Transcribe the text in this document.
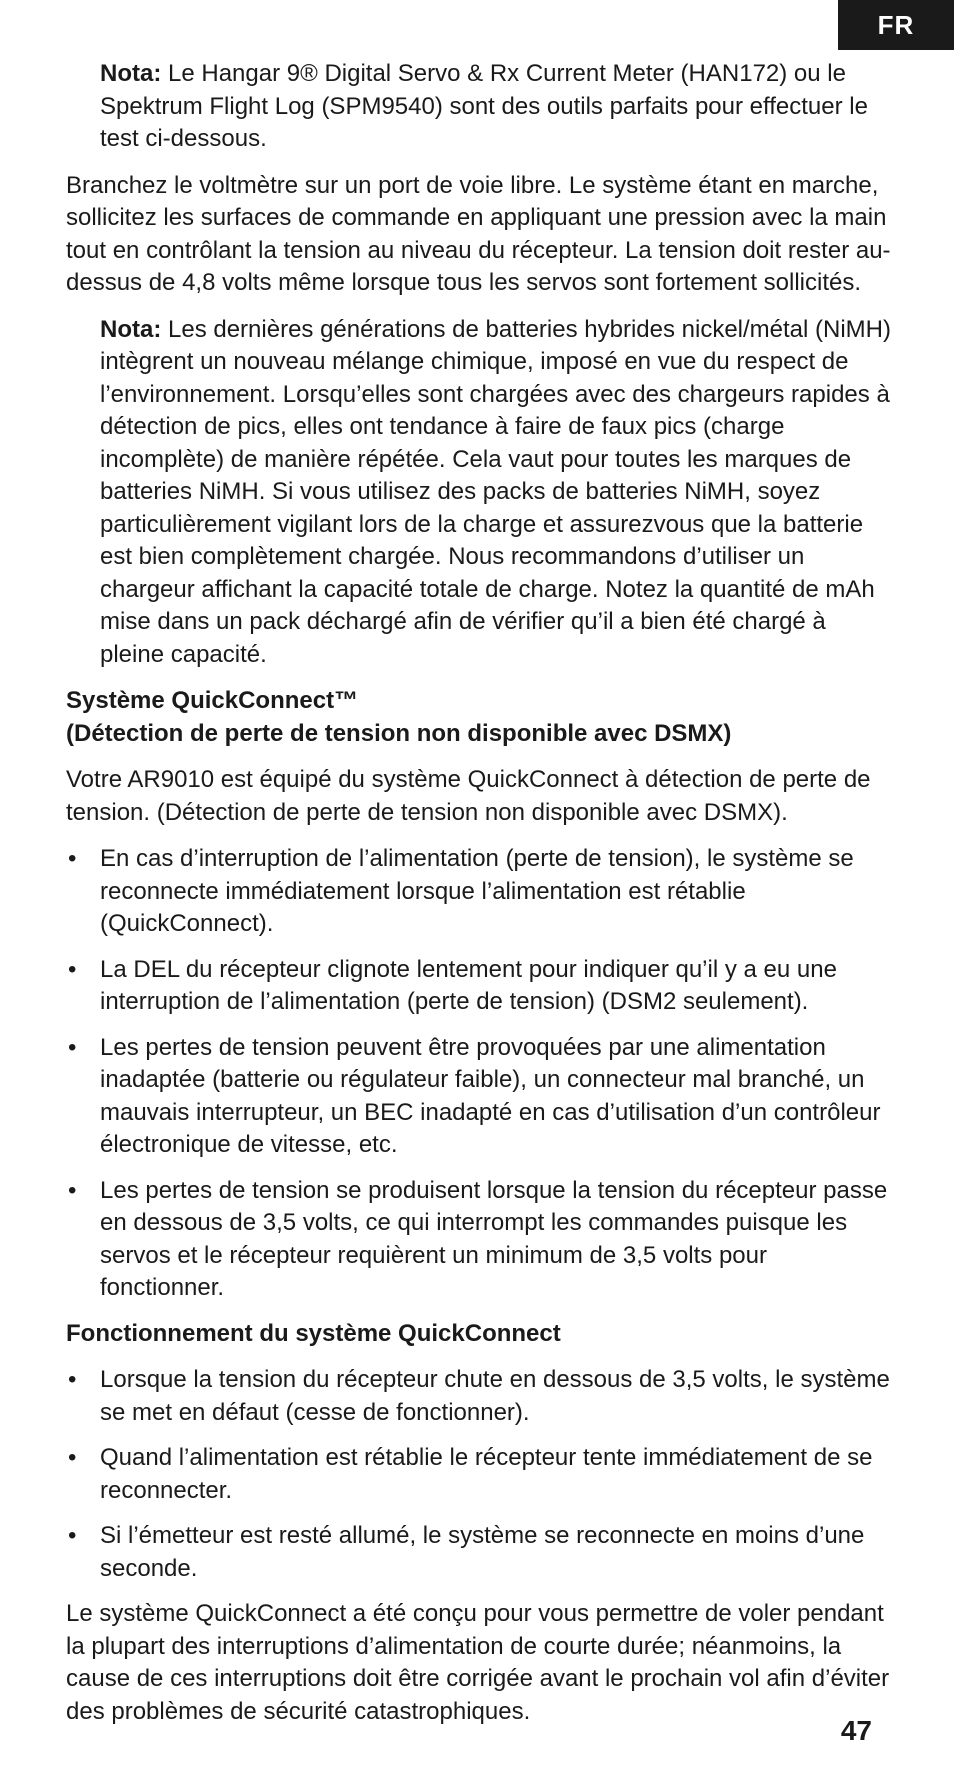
FR
Nota: Le Hangar 9® Digital Servo & Rx Current Meter (HAN172) ou le Spektrum Flight Log (SPM9540) sont des outils parfaits pour effectuer le test ci-dessous.
Branchez le voltmètre sur un port de voie libre. Le système étant en marche, sollicitez les surfaces de commande en appliquant une pression avec la main tout en contrôlant la tension au niveau du récepteur. La tension doit rester au-dessus de 4,8 volts même lorsque tous les servos sont fortement sollicités.
Nota: Les dernières générations de batteries hybrides nickel/métal (NiMH) intègrent un nouveau mélange chimique, imposé en vue du respect de l’environnement. Lorsqu’elles sont chargées avec des chargeurs rapides à détection de pics, elles ont tendance à faire de faux pics (charge incomplète) de manière répétée. Cela vaut pour toutes les marques de batteries NiMH. Si vous utilisez des packs de batteries NiMH, soyez particulièrement vigilant lors de la charge et assurezvous que la batterie est bien complètement chargée. Nous recommandons d’utiliser un chargeur affichant la capacité totale de charge. Notez la quantité de mAh mise dans un pack déchargé afin de vérifier qu’il a bien été chargé à pleine capacité.
Système QuickConnect™
(Détection de perte de tension non disponible avec DSMX)
Votre AR9010 est équipé du système QuickConnect à détection de perte de tension. (Détection de perte de tension non disponible avec DSMX).
• En cas d’interruption de l’alimentation (perte de tension), le système se reconnecte immédiatement lorsque l’alimentation est rétablie (QuickConnect).
• La DEL du récepteur clignote lentement pour indiquer qu’il y a eu une interruption de l’alimentation (perte de tension) (DSM2 seulement).
• Les pertes de tension peuvent être provoquées par une alimentation inadaptée (batterie ou régulateur faible), un connecteur mal branché, un mauvais interrupteur, un BEC inadapté en cas d’utilisation d’un contrôleur électronique de vitesse, etc.
• Les pertes de tension se produisent lorsque la tension du récepteur passe en dessous de 3,5 volts, ce qui interrompt les commandes puisque les servos et le récepteur requièrent un minimum de 3,5 volts pour fonctionner.
Fonctionnement du système QuickConnect
• Lorsque la tension du récepteur chute en dessous de 3,5 volts, le système se met en défaut (cesse de fonctionner).
• Quand l’alimentation est rétablie le récepteur tente immédiatement de se reconnecter.
• Si l’émetteur est resté allumé, le système se reconnecte en moins d’une seconde.
Le système QuickConnect a été conçu pour vous permettre de voler pendant la plupart des interruptions d’alimentation de courte durée; néanmoins, la cause de ces interruptions doit être corrigée avant le prochain vol afin d’éviter des problèmes de sécurité catastrophiques.
47
